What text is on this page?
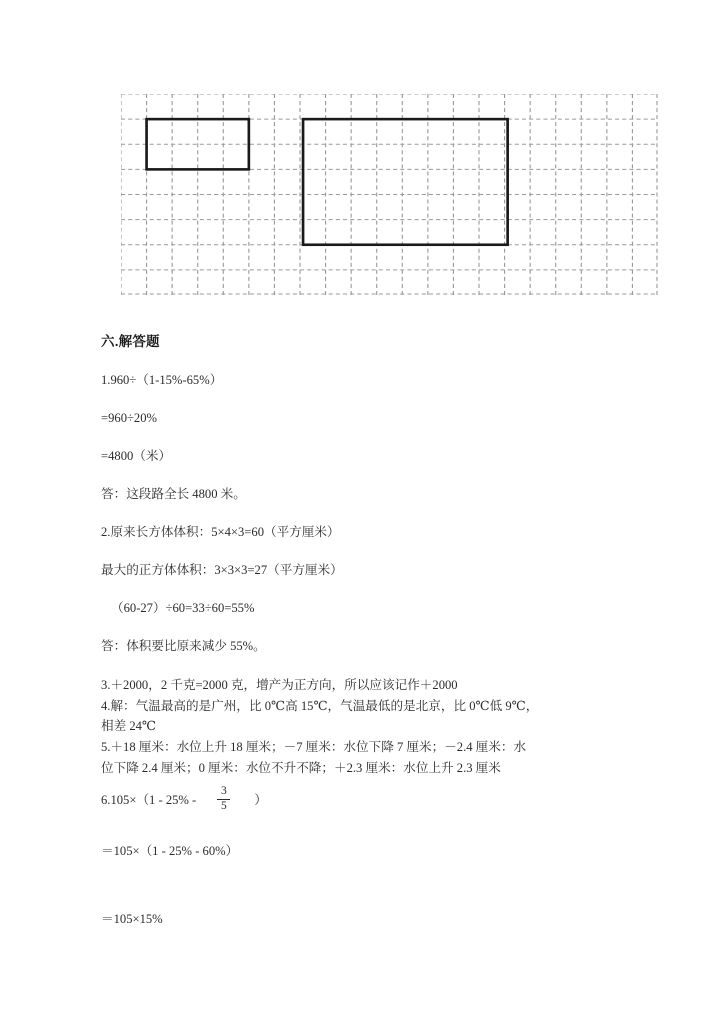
六.解答题

1.960÷（1-15%-65%）

=960÷20%

=4800（米）

答：这段路全长 4800 米。

2.原来长方体体积：5×4×3=60（平方厘米）

最大的正方体体积：3×3×3=27（平方厘米）

（60-27）÷60=33÷60=55%

答：体积要比原来减少 55%。

3.＋2000，2 千克=2000 克，增产为正方向，所以应该记作＋2000

4.解：气温最高的是广州，比 0℃高 15℃，气温最低的是北京，比 0℃低 9℃，

相差 24℃

5.＋18 厘米：水位上升 18 厘米；－7 厘米：水位下降 7 厘米；－2.4 厘米：水

位下降 2.4 厘米；0 厘米：水位不升不降；＋2.3 厘米：水位上升 2.3 厘米

$6.105\times(1 - 25\% - \frac{3}{5}$ ）

＝105×（1 - 25% - 60%）

＝105×15%
